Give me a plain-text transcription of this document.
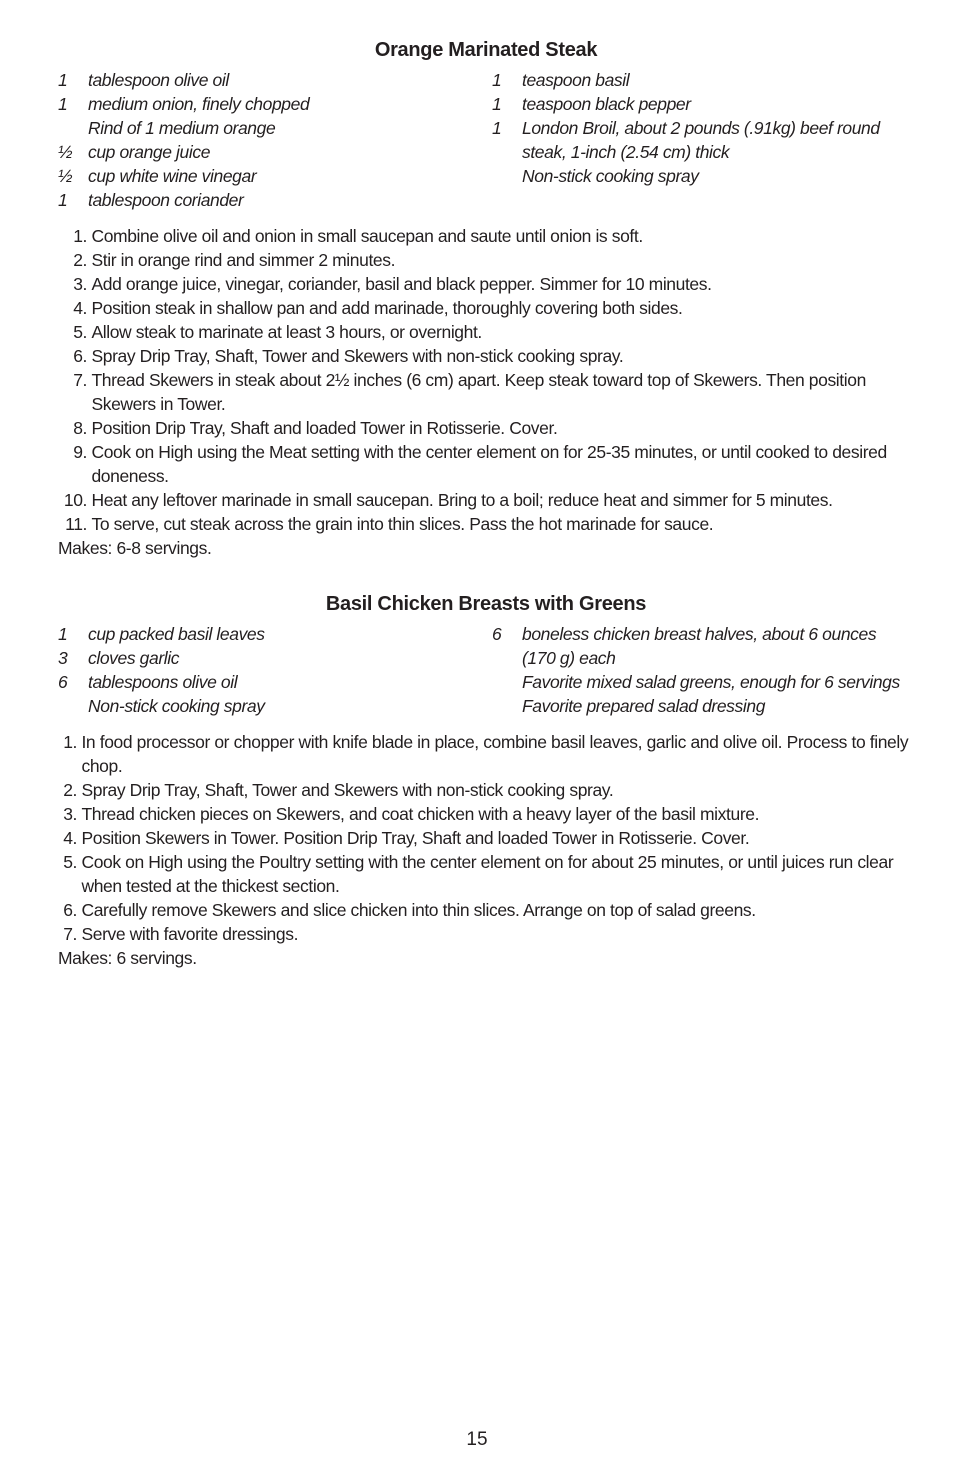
Orange Marinated Steak
1	tablespoon olive oil
1	medium onion, finely chopped
Rind of 1 medium orange
½ cup orange juice
½ cup white wine vinegar
1	tablespoon coriander
1	teaspoon basil
1	teaspoon black pepper
1	London Broil, about 2 pounds (.91kg) beef round steak, 1-inch (2.54 cm) thick
Non-stick cooking spray
1.
Combine olive oil and onion in small saucepan and saute until onion is soft.
2.
Stir in orange rind and simmer 2 minutes.
3.
Add orange juice, vinegar, coriander, basil and black pepper. Simmer for 10 minutes.
4.
Position steak in shallow pan and add marinade, thoroughly covering both sides.
5.
Allow steak to marinate at least 3 hours, or overnight.
6.
Spray Drip Tray, Shaft, Tower and Skewers with non-stick cooking spray.
7.
Thread Skewers in steak about 2½ inches (6 cm) apart. Keep steak toward top of Skewers. Then position Skewers in Tower.
8.
Position Drip Tray, Shaft and loaded Tower in Rotisserie. Cover.
9.
Cook on High using the Meat setting with the center element on for 25-35 minutes, or until cooked to desired doneness.
10.
Heat any leftover marinade in small saucepan. Bring to a boil; reduce heat and simmer for 5 minutes.
11.
To serve, cut steak across the grain into thin slices. Pass the hot marinade for sauce.
Makes: 6-8 servings.
Basil Chicken Breasts with Greens
1	cup packed basil leaves
3	cloves garlic
6	tablespoons olive oil
Non-stick cooking spray
6	boneless chicken breast halves, about 6 ounces (170 g) each
Favorite mixed salad greens, enough for 6 servings
Favorite prepared salad dressing
1.
In food processor or chopper with knife blade in place, combine basil leaves, garlic and olive oil. Process to finely chop.
2.
Spray Drip Tray, Shaft, Tower and Skewers with non-stick cooking spray.
3.
Thread chicken pieces on Skewers, and coat chicken with a heavy layer of the basil mixture.
4.
Position Skewers in Tower. Position Drip Tray, Shaft and loaded Tower in Rotisserie. Cover.
5.
Cook on High using the Poultry setting with the center element on for about 25 minutes, or until juices run clear when tested at the thickest section.
6.
Carefully remove Skewers and slice chicken into thin slices. Arrange on top of salad greens.
7.
Serve with favorite dressings.
Makes: 6 servings.
15
